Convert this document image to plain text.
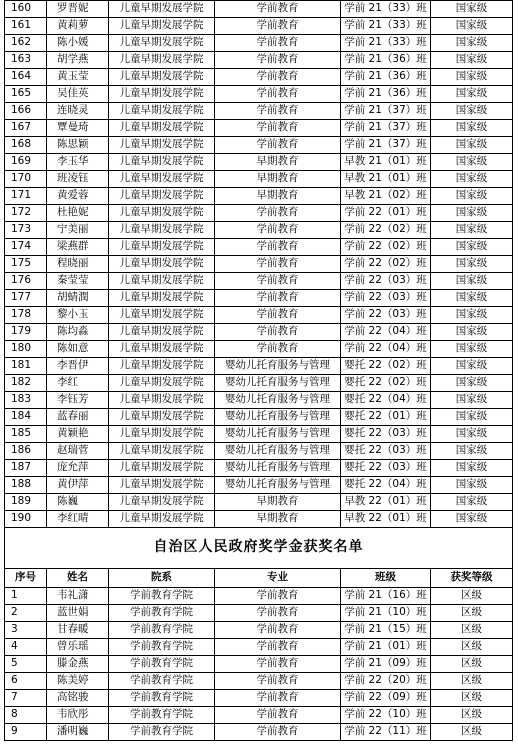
160	罗晋妮	儿童早期发展学院	学前教育	学前 21（33）班	国家级
161	黄莉萝	儿童早期发展学院	学前教育	学前 21（33）班	国家级
162	陈小媛	儿童早期发展学院	学前教育	学前 21（33）班	国家级
163	胡学燕	儿童早期发展学院	学前教育	学前 21（36）班	国家级
164	黄玉莹	儿童早期发展学院	学前教育	学前 21（36）班	国家级
165	吴佳英	儿童早期发展学院	学前教育	学前 21（36）班	国家级
166	连晓灵	儿童早期发展学院	学前教育	学前 21（37）班	国家级
167	覃曼琦	儿童早期发展学院	学前教育	学前 21（37）班	国家级
168	陈思颖	儿童早期发展学院	学前教育	学前 21（37）班	国家级
169	李玉华	儿童早期发展学院	早期教育	早教 21（01）班	国家级
170	班凌钰	儿童早期发展学院	早期教育	早教 21（01）班	国家级
171	黄爱蓉	儿童早期发展学院	早期教育	早教 21（02）班	国家级
172	杜艳妮	儿童早期发展学院	学前教育	学前 22（01）班	国家级
173	宁美丽	儿童早期发展学院	学前教育	学前 22（02）班	国家级
174	梁燕群	儿童早期发展学院	学前教育	学前 22（02）班	国家级
175	程晓丽	儿童早期发展学院	学前教育	学前 22（02）班	国家级
176	秦莹莹	儿童早期发展学院	学前教育	学前 22（03）班	国家级
177	胡蜻潤	儿童早期发展学院	学前教育	学前 22（03）班	国家级
178	黎小玉	儿童早期发展学院	学前教育	学前 22（03）班	国家级
179	陈均淼	儿童早期发展学院	学前教育	学前 22（04）班	国家级
180	陈如意	儿童早期发展学院	学前教育	学前 22（04）班	国家级
181	李晋伊	儿童早期发展学院	婴幼儿托育服务与管理	婴托 22（02）班	国家级
182	李红	儿童早期发展学院	婴幼儿托育服务与管理	婴托 22（02）班	国家级
183	李钰芳	儿童早期发展学院	婴幼儿托育服务与管理	婴托 22（04）班	国家级
184	蓝春丽	儿童早期发展学院	婴幼儿托育服务与管理	婴托 22（01）班	国家级
185	黄颖艳	儿童早期发展学院	婴幼儿托育服务与管理	婴托 22（03）班	国家级
186	赵瑞菅	儿童早期发展学院	婴幼儿托育服务与管理	婴托 22（03）班	国家级
187	庞允萍	儿童早期发展学院	婴幼儿托育服务与管理	婴托 22（03）班	国家级
188	黄伊萍	儿童早期发展学院	婴幼儿托育服务与管理	婴托 22（04）班	国家级
189	陈巍	儿童早期发展学院	早期教育	早教 22（01）班	国家级
190	李红晴	儿童早期发展学院	早期教育	早教 22（01）班	国家级
自治区人民政府奖学金获奖名单					
序号	姓名	院系	专业	班级	获奖等级
1	韦礼潇	学前教育学院	学前教育	学前 21（16）班	区级
2	蓝世娟	学前教育学院	学前教育	学前 21（10）班	区级
3	甘春暖	学前教育学院	学前教育	学前 21（15）班	区级
4	曾乐瑶	学前教育学院	学前教育	学前 21（01）班	区级
5	滕金燕	学前教育学院	学前教育	学前 21（09）班	区级
6	陈美婷	学前教育学院	学前教育	学前 22（20）班	区级
7	高铭骏	学前教育学院	学前教育	学前 22（09）班	区级
8	韦欣彤	学前教育学院	学前教育	学前 22（10）班	区级
9	潘明巍	学前教育学院	学前教育	学前 22（11）班	区级
